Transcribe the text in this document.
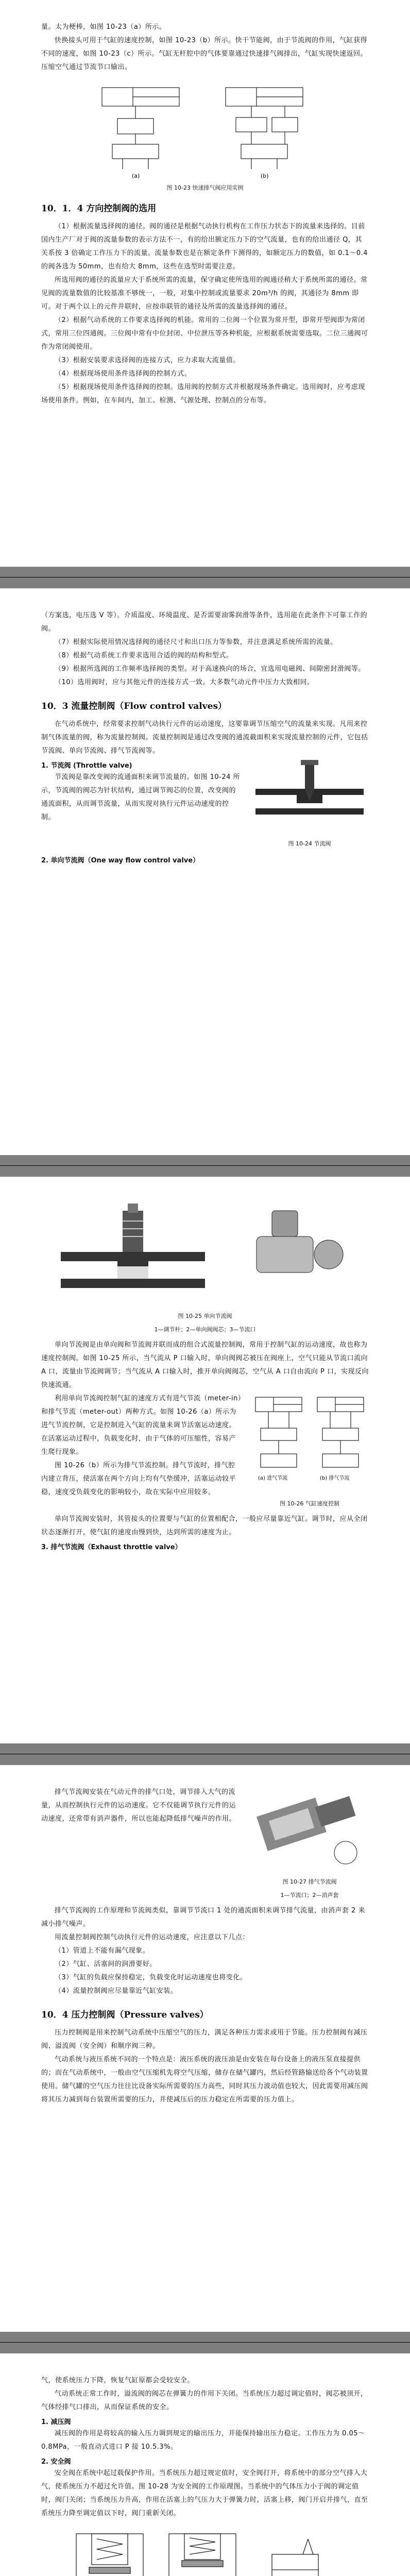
量。太为梗棒，如图 10-23（a）所示。

快换接头可用于气缸的速度控制，如图 10-23（b）所示。快干节能阀，由于节流阀的作用，气缸获得不同的速度，如图 10-23（c）所示。气缸无杆腔中的气体要靠通过快速排气阀排出，气缸实现快速返回。压缩空气通过节流节口输出。

(a)	(b)
图 10-23 快速排气阀应用实例
10．1．4 方向控制阀的选用

（1）根据流量选择阀的通径。阀的通径是根据气动执行机构在工作压力状态下的流量来选择的。目前国内生产厂对于阀的流量参数的表示方法不一，有的给出额定压力下的空气流量，也有的给出通径 Q，其关系按 3 倍确定工作压力下的流量。流量参数也是在额定条件下测得的，如额定压力的数值，如 0.1～0.4 的阀各选为 50mm，也有给大 8mm，这些在选型时需要注意。

所选用阀的通径的流量应大于系统所需的流量，保守确定使所选用的阀通径稍大于系统所需的通径。常见阀的流量数值的比较基准不够统一，一般，对集中控制或流量要求 20m³/h 的阀，其通径为 8mm 即可。对于两个以上的元件并联时，应按串联管的通径及所需的流量选择阀的通径。

（2）根据气动系统的工作要求选择阀的机能。常用的二位阀一个位置为常开型，即常开型阀即为常闭式，常用三位四通阀。三位阀中常有中位封闭、中位泄压等各种机能，应根据系统需要选取。二位三通阀可作为常闭阀使用。

（3）根据安装要求选择阀的连接方式，应力求取大流量值。

（4）根据现场使用条件选择阀的控制方式。

（5）根据现场使用条件选择阀的控制。选用阀的控制方式并根据现场条件确定。选用阀时，应考虑现场使用条件。例如，在车间内，加工、检测、气源处理、控制点的分布等。

（方案选，电压选 V 等）。介质温度、环境温度、是否需要油雾润滑等条件，选用能在此条件下可靠工作的阀。

（7）根据实际使用情况选择阀的通径尺寸和出口压力等参数，并注意满足系统所需的流量。

（8）根据气动系统工作要求选用合适的阀的结构和型式。

（9）根据所选阀的工作频率选择阀的类型。对于高速换向的场合，宜选用电磁阀、间隙密封滑阀等。

（10）选用阀时，应与其他元件的连接方式一致。大多数气动元件中压力大致相同。

10．3 流量控制阀（Flow control valves）

在气动系统中，经常要求控制气动执行元件的运动速度，这要靠调节压缩空气的流量来实现。凡用来控制气体流量的阀，称为流量控制阀。流量控制阀是通过改变阀的通流截面积来实现流量控制的元件，它包括节流阀、单向节流阀、排气节流阀等。

1. 节流阀 (Throttle valve)

节流阀是靠改变阀的流通面积来调节流量的。如图 10-24 所示，节流阀的阀芯为针状结构，通过调节阀芯的位置，改变阀的通流面积，从而调节流量，从而实现对执行元件运动速度的控制。

图 10-24 节流阀
2. 单向节流阀（One way flow control valve）
图 10-25 单向节流阀
1—调节杆；2—单向阀阀芯；3—节流口

单向节流阀是由单向阀和节流阀并联而成的组合式流量控制阀，常用于控制气缸的运动速度，故也称为速度控制阀。如图 10-25 所示，当气流从 P 口输入时，单向阀阀芯被压在阀座上，空气只能从节流口流向 A 口，流量由节流阀调节；当气流从 A 口输入时，推开单向阀阀芯，空气从 A 口自由流向 P 口，实现反向快速流通。

利用单向节流阀控制气缸的速度方式有进气节流（meter-in）和排气节流（meter-out）两种方式。如图 10-26（a）所示为进气节流控制，它是控制进入气缸的流量来调节活塞运动速度。在活塞运动过程中，负载变化时，由于气体的可压缩性，容易产生爬行现象。

图 10-26（b）所示为排气节流控制。排气节流时，排气腔内建立背压，使活塞在两个方向上均有气垫缓冲，活塞运动较平稳，速度受负载变化的影响较小，故在实际中应用较多。

(a) 进气节流	(b) 排气节流
图 10-26 气缸速度控制

单向节流阀安装时，其管接头的位置要与气缸的位置相配合，一般应尽量靠近气缸。调节时，应从全闭状态逐渐打开，使气缸的速度由慢到快，达到所需的速度为止。

3. 排气节流阀（Exhaust throttle valve）

排气节流阀安装在气动元件的排气口处，调节排入大气的流量，从而控制执行元件的运动速度。它不仅能调节执行元件的运动速度，还常带有消声器件，所以也能起降低排气噪声的作用。

图 10-27 排气节流阀
1—节流口；2—消声套

排气节流阀的工作原理和节流阀类似，靠调节节流口 1 处的通流面积来调节排气流量，由消声套 2 来减小排气噪声。

用流量控制阀控制气动执行元件的运动速度，应注意以下几点：

（1）管道上不能有漏气现象。

（2）气缸、活塞间的润滑要好。

（3）气缸的负载应保持稳定，负载变化时运动速度也将变化。

（4）流量控制阀应尽量靠近气缸安装。

10．4 压力控制阀（Pressure valves）

压力控制阀是用来控制气动系统中压缩空气的压力，满足各种压力需求或用于节能。压力控制阀有减压阀、溢流阀（安全阀）和顺序阀三种。

气动系统与液压系统不同的一个特点是：液压系统的液压油是由安装在每台设备上的液压泵直接提供的；而在气动系统中，一般由空气压缩机先将空气压缩，储存在储气罐内，然后经管路输送给各个气动装置使用。储气罐的空气压力往往比设备实际所需要的压力高些，同时其压力波动值也较大，因此需要用减压阀将其压力减到每台装置所需要的压力，并使减压后的压力稳定在所需要的压力值上。

气，使系统压力下降，恢复气缸原都会受较安全。

气动系统正常工作时，溢流阀的阀芯在弹簧力的作用下关闭。当系统压力超过调定值时，阀芯被顶开，气体经排气口排出，从而保证系统的安全。

1. 减压阀

减压阀的作用是将较高的输入压力调到规定的输出压力，并能保持输出压力稳定。工作压力为 0.05～0.8MPa，一般直动式进口 P 接 10.5.3%。

2. 安全阀

安全阀在系统中起过载保护作用。当系统压力超过规定值时，安全阀打开，将系统中的部分空气排入大气，使系统压力不超过允许值。图 10-28 为安全阀的工作原理图。当系统中的气体压力小于阀的调定值时，阀门关闭；当系统压力升高，作用在活塞上的气压力大于弹簧力时，活塞上移，阀门开启并排气，直至系统压力降至调定值以下时，阀门重新关闭。
